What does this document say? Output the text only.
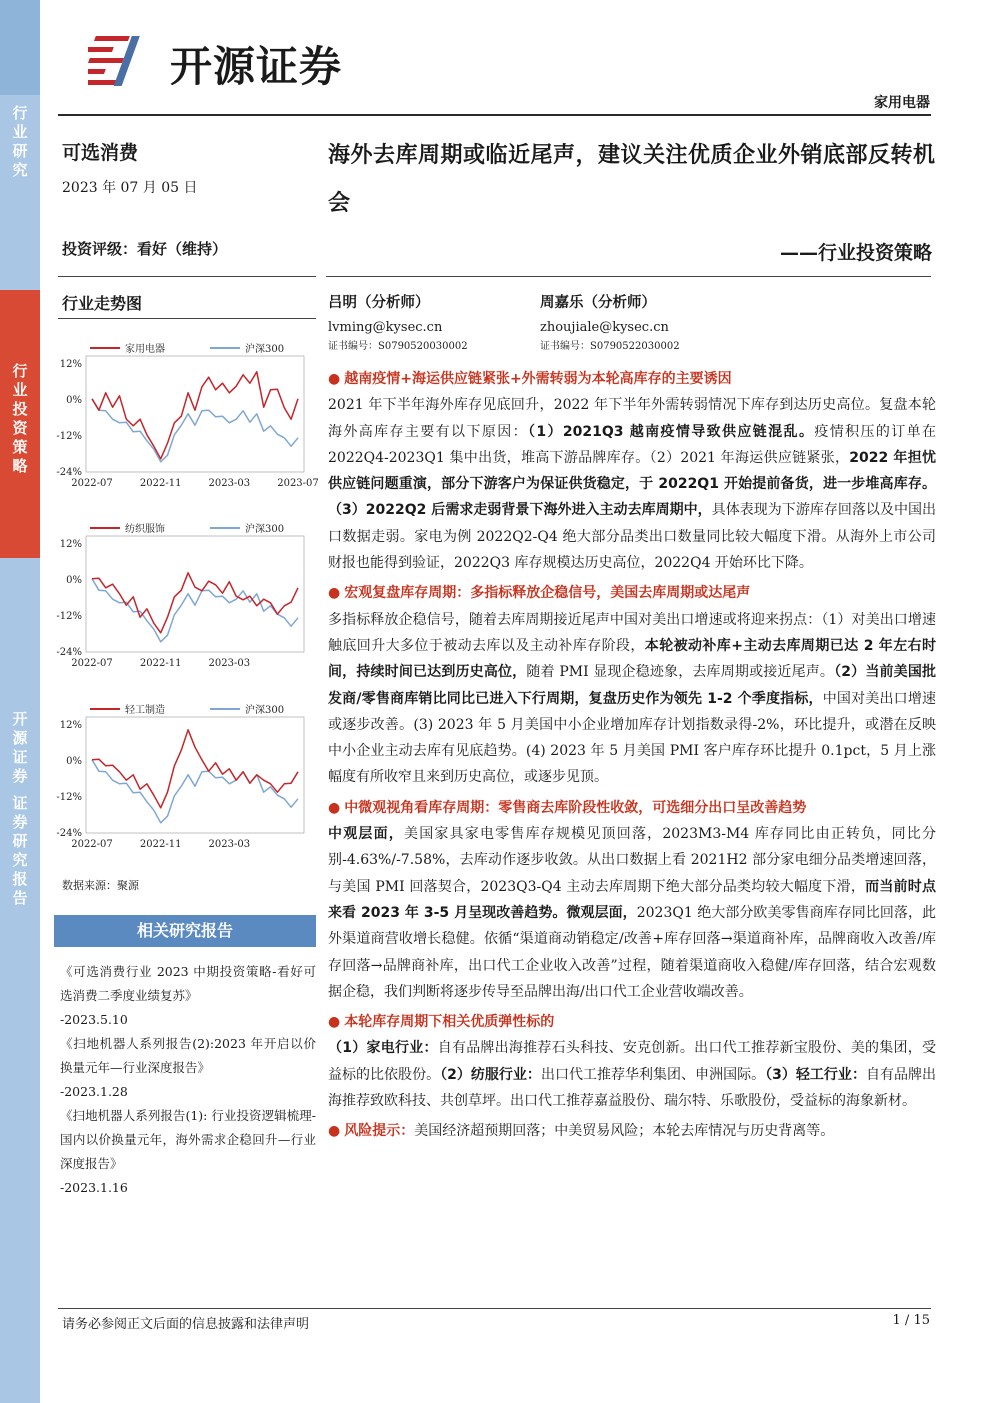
行
业
研
究
行
业
投
资
策
略
开
源
证
券

证
券
研
究
报
告
开源证券
家用电器
可选消费
2023 年 07 月 05 日
投资评级：看好（维持）
海外去库周期或临近尾声，建议关注优质企业外销底部反转机会
——行业投资策略
吕明（分析师）
lvming@kysec.cn
证书编号：S0790520030002
周嘉乐（分析师）
zhoujiale@kysec.cn
证书编号：S0790522030002
行业走势图
家用电器	沪深300
12%
0%
-12%
-24%
2022-07	2022-11	2023-03	2023-07
纺织服饰	沪深300
12%
0%
-12%
-24%
2022-07	2022-11	2023-03
轻工制造	沪深300
12%
0%
-12%
-24%
2022-07	2022-11	2023-03
数据来源：聚源
相关研究报告
《可选消费行业 2023 中期投资策略-看好可选消费二季度业绩复苏》
-2023.5.10
《扫地机器人系列报告(2):2023 年开启以价换量元年—行业深度报告》
-2023.1.28
《扫地机器人系列报告(1): 行业投资逻辑梳理-国内以价换量元年，海外需求企稳回升—行业深度报告》
-2023.1.16
● 越南疫情+海运供应链紧张+外需转弱为本轮高库存的主要诱因
2021 年下半年海外库存见底回升，2022 年下半年外需转弱情况下库存到达历史高位。复盘本轮海外高库存主要有以下原因：（1）2021Q3 越南疫情导致供应链混乱。疫情积压的订单在 2022Q4-2023Q1 集中出货，堆高下游品牌库存。（2）2021 年海运供应链紧张，2022 年担忧供应链问题重演，部分下游客户为保证供货稳定，于 2022Q1 开始提前备货，进一步堆高库存。（3）2022Q2 后需求走弱背景下海外进入主动去库周期中，具体表现为下游库存回落以及中国出口数据走弱。家电为例 2022Q2-Q4 绝大部分品类出口数量同比较大幅度下滑。从海外上市公司财报也能得到验证，2022Q3 库存规模达历史高位，2022Q4 开始环比下降。
● 宏观复盘库存周期：多指标释放企稳信号，美国去库周期或达尾声
多指标释放企稳信号，随着去库周期接近尾声中国对美出口增速或将迎来拐点：（1）对美出口增速触底回升大多位于被动去库以及主动补库存阶段，本轮被动补库+主动去库周期已达 2 年左右时间，持续时间已达到历史高位，随着 PMI 显现企稳迹象，去库周期或接近尾声。（2）当前美国批发商/零售商库销比同比已进入下行周期，复盘历史作为领先 1-2 个季度指标，中国对美出口增速或逐步改善。(3) 2023 年 5 月美国中小企业增加库存计划指数录得-2%，环比提升，或潜在反映中小企业主动去库有见底趋势。(4) 2023 年 5 月美国 PMI 客户库存环比提升 0.1pct，5 月上涨幅度有所收窄且来到历史高位，或逐步见顶。
● 中微观视角看库存周期：零售商去库阶段性收敛，可选细分出口呈改善趋势
中观层面，美国家具家电零售库存规模见顶回落，2023M3-M4 库存同比由正转负，同比分别-4.63%/-7.58%，去库动作逐步收敛。从出口数据上看 2021H2 部分家电细分品类增速回落，与美国 PMI 回落契合，2023Q3-Q4 主动去库周期下绝大部分品类均较大幅度下滑，而当前时点来看 2023 年 3-5 月呈现改善趋势。微观层面，2023Q1 绝大部分欧美零售商库存同比回落，此外渠道商营收增长稳健。依循“渠道商动销稳定/改善+库存回落→渠道商补库，品牌商收入改善/库存回落→品牌商补库，出口代工企业收入改善”过程，随着渠道商收入稳健/库存回落，结合宏观数据企稳，我们判断将逐步传导至品牌出海/出口代工企业营收端改善。
● 本轮库存周期下相关优质弹性标的
（1）家电行业：自有品牌出海推荐石头科技、安克创新。出口代工推荐新宝股份、美的集团，受益标的比依股份。（2）纺服行业：出口代工推荐华利集团、申洲国际。（3）轻工行业：自有品牌出海推荐致欧科技、共创草坪。出口代工推荐嘉益股份、瑞尔特、乐歌股份，受益标的海象新材。
● 风险提示：美国经济超预期回落；中美贸易风险；本轮去库情况与历史背离等。
请务必参阅正文后面的信息披露和法律声明	1 / 15
